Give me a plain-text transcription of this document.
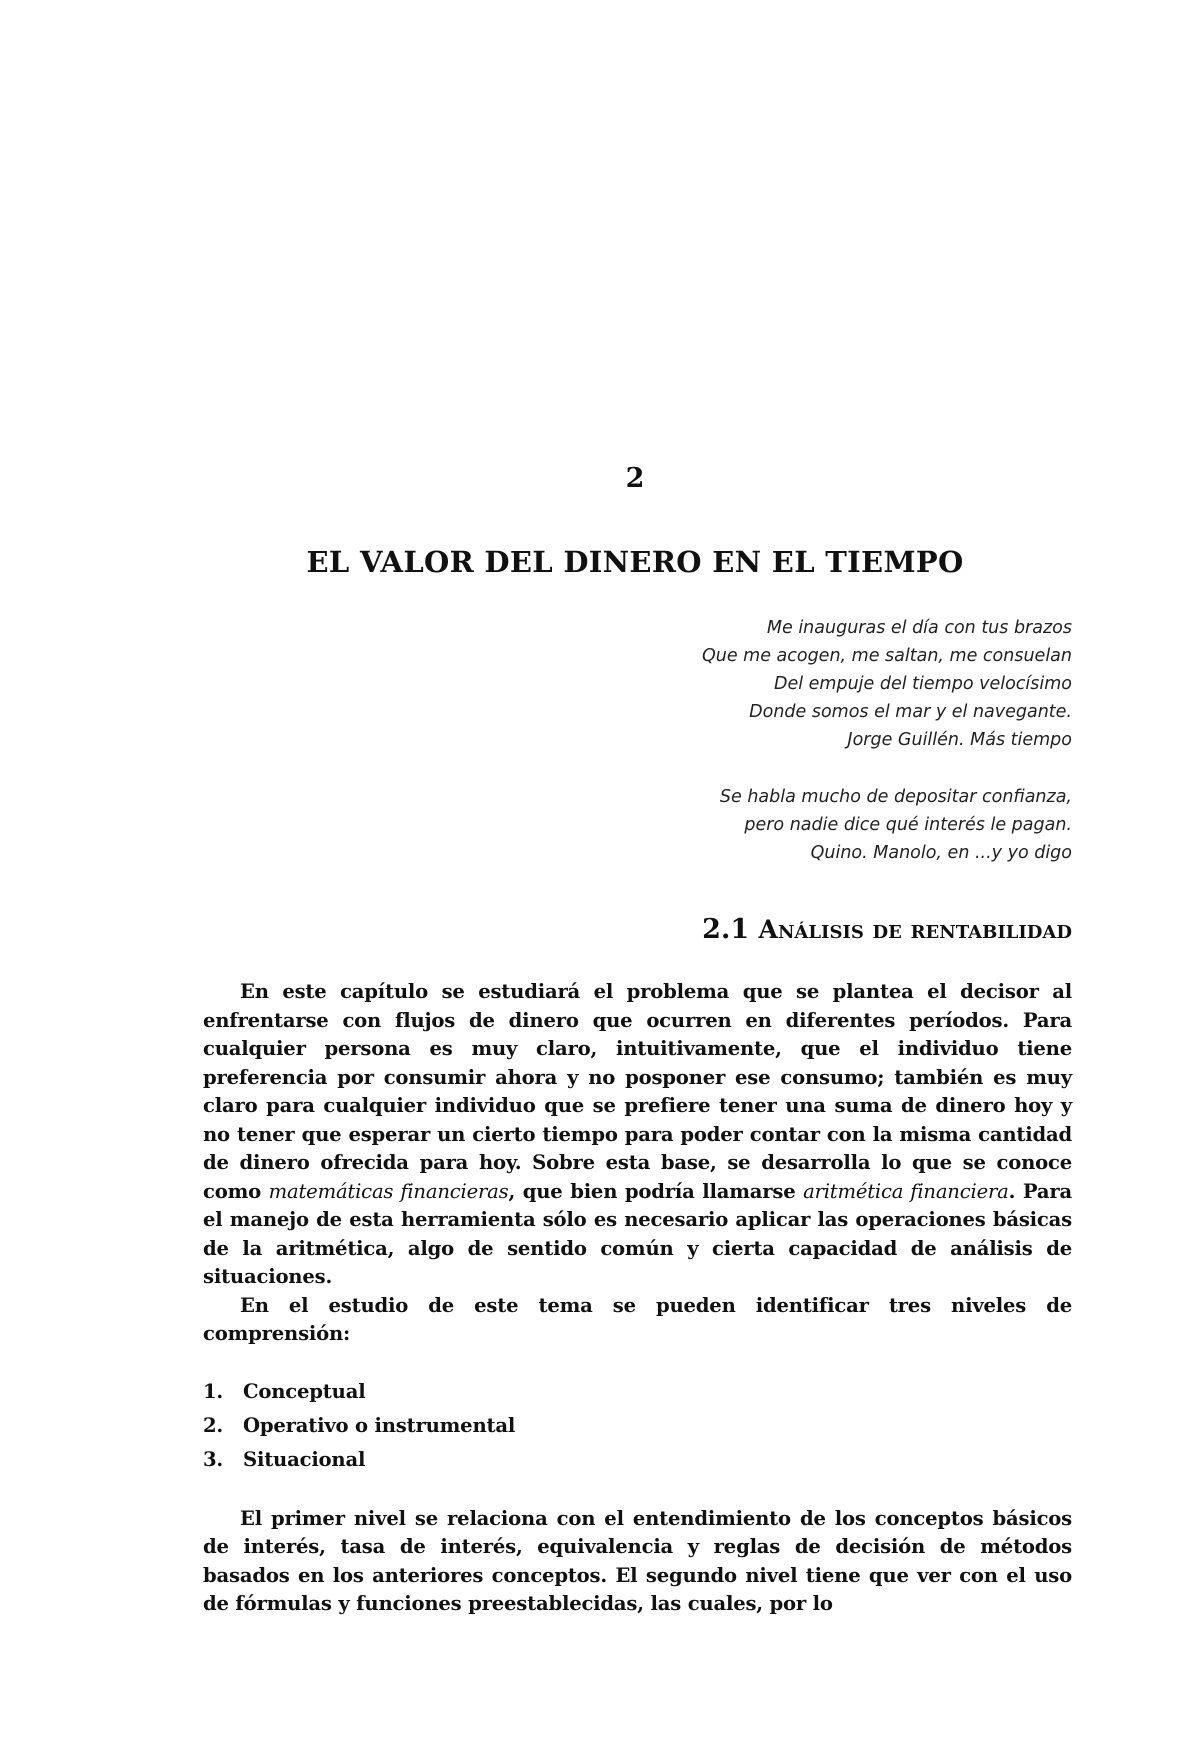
2
EL VALOR DEL DINERO EN EL TIEMPO
Me inauguras el día con tus brazos
Que me acogen, me saltan, me consuelan
Del empuje del tiempo velocísimo
Donde somos el mar y el navegante.
Jorge Guillén. Más tiempo
Se habla mucho de depositar confianza,
pero nadie dice qué interés le pagan.
Quino. Manolo, en ...y yo digo
2.1 Análisis de rentabilidad

En este capítulo se estudiará el problema que se plantea el decisor al enfrentarse con flujos de dinero que ocurren en diferentes períodos. Para cualquier persona es muy claro, intuitivamente, que el individuo tiene preferencia por consumir ahora y no posponer ese consumo; también es muy claro para cualquier individuo que se prefiere tener una suma de dinero hoy y no tener que esperar un cierto tiempo para poder contar con la misma cantidad de dinero ofrecida para hoy. Sobre esta base, se desarrolla lo que se conoce como matemáticas financieras, que bien podría llamarse aritmética financiera. Para el manejo de esta herramienta sólo es necesario aplicar las operaciones básicas de la aritmética, algo de sentido común y cierta capacidad de análisis de situaciones.

En el estudio de este tema se pueden identificar tres niveles de comprensión:

1.	Conceptual
2.	Operativo o instrumental
3.	Situacional

El primer nivel se relaciona con el entendimiento de los conceptos básicos de interés, tasa de interés, equivalencia y reglas de decisión de métodos basados en los anteriores conceptos. El segundo nivel tiene que ver con el uso de fórmulas y funciones preestablecidas, las cuales, por lo
